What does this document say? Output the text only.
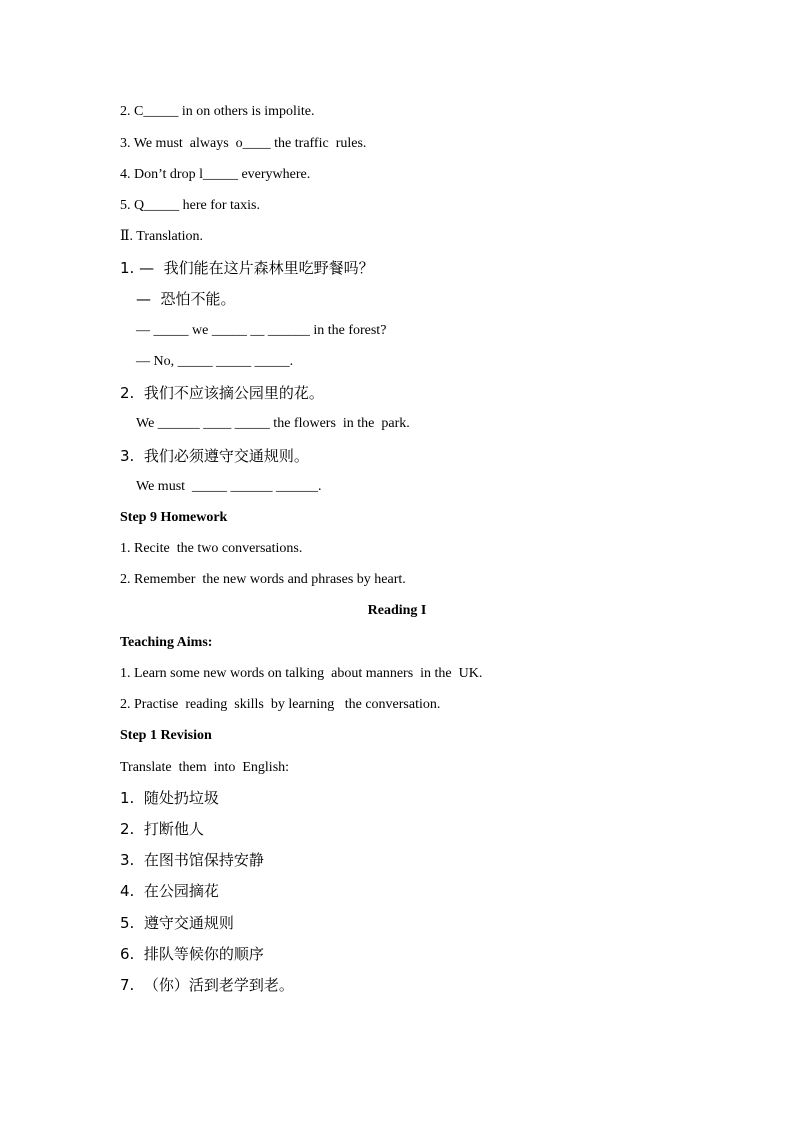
2. C_____ in on others is impolite.
3. We must  always  o____ the traffic  rules.
4. Don’t drop l_____ everywhere.
5. Q_____ here for taxis.
Ⅱ. Translation.
1. —  我们能在这片森林里吃野餐吗？
—  恐怕不能。
— _____ we _____ __ ______ in the forest?
— No, _____ _____ _____.
2.  我们不应该摘公园里的花。
We ______ ____ _____ the flowers  in the  park.
3.  我们必须遵守交通规则。
We must  _____ ______ ______.
Step 9 Homework
1. Recite  the two conversations.
2. Remember  the new words and phrases by heart.
Reading I
Teaching Aims:
1. Learn some new words on talking  about manners  in the  UK.
2. Practise  reading  skills  by learning   the conversation.
Step 1 Revision
Translate  them  into  English:
1.  随处扔垃圾
2.  打断他人
3.  在图书馆保持安静
4.  在公园摘花
5.  遵守交通规则
6.  排队等候你的顺序
7.  （你）活到老学到老。
